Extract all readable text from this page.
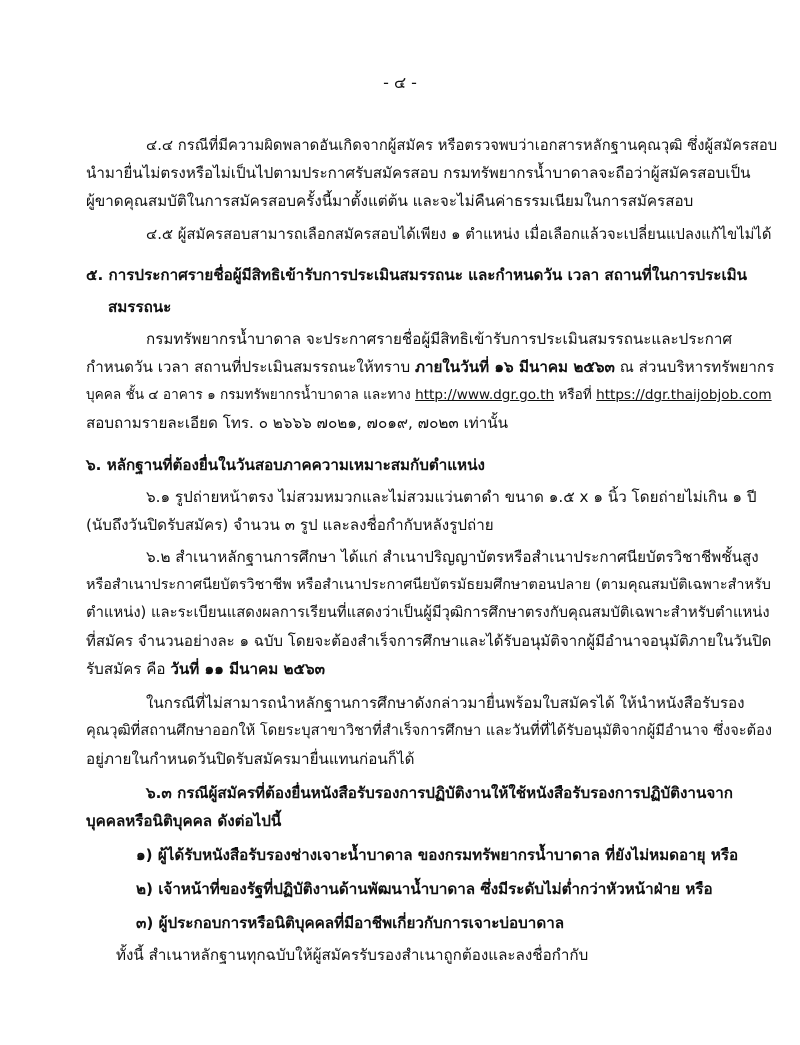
- ๔ -
๔.๔ กรณีที่มีความผิดพลาดอันเกิดจากผู้สมัคร หรือตรวจพบว่าเอกสารหลักฐานคุณวุฒิ ซึ่งผู้สมัครสอบ
นำมายื่นไม่ตรงหรือไม่เป็นไปตามประกาศรับสมัครสอบ กรมทรัพยากรน้ำบาดาลจะถือว่าผู้สมัครสอบเป็น
ผู้ขาดคุณสมบัติในการสมัครสอบครั้งนี้มาตั้งแต่ต้น และจะไม่คืนค่าธรรมเนียมในการสมัครสอบ
๔.๕ ผู้สมัครสอบสามารถเลือกสมัครสอบได้เพียง ๑ ตำแหน่ง เมื่อเลือกแล้วจะเปลี่ยนแปลงแก้ไขไม่ได้
๕. การประกาศรายชื่อผู้มีสิทธิเข้ารับการประเมินสมรรถนะ และกำหนดวัน เวลา สถานที่ในการประเมิน
สมรรถนะ
กรมทรัพยากรน้ำบาดาล จะประกาศรายชื่อผู้มีสิทธิเข้ารับการประเมินสมรรถนะและประกาศ
กำหนดวัน เวลา สถานที่ประเมินสมรรถนะให้ทราบ ภายในวันที่ ๑๖ มีนาคม ๒๕๖๓ ณ ส่วนบริหารทรัพยากร
บุคคล ชั้น ๔ อาคาร ๑ กรมทรัพยากรน้ำบาดาล และทาง http://www.dgr.go.th หรือที่ https://dgr.thaijobjob.com
สอบถามรายละเอียด โทร. ๐ ๒๖๖๖ ๗๐๒๑, ๗๐๑๙, ๗๐๒๓ เท่านั้น
๖. หลักฐานที่ต้องยื่นในวันสอบภาคความเหมาะสมกับตำแหน่ง
๖.๑ รูปถ่ายหน้าตรง ไม่สวมหมวกและไม่สวมแว่นตาดำ ขนาด ๑.๕ x ๑ นิ้ว โดยถ่ายไม่เกิน ๑ ปี
(นับถึงวันปิดรับสมัคร) จำนวน ๓ รูป และลงชื่อกำกับหลังรูปถ่าย
๖.๒ สำเนาหลักฐานการศึกษา ได้แก่ สำเนาปริญญาบัตรหรือสำเนาประกาศนียบัตรวิชาชีพชั้นสูง
หรือสำเนาประกาศนียบัตรวิชาชีพ หรือสำเนาประกาศนียบัตรมัธยมศึกษาตอนปลาย (ตามคุณสมบัติเฉพาะสำหรับ
ตำแหน่ง) และระเบียนแสดงผลการเรียนที่แสดงว่าเป็นผู้มีวุฒิการศึกษาตรงกับคุณสมบัติเฉพาะสำหรับตำแหน่ง
ที่สมัคร จำนวนอย่างละ ๑ ฉบับ โดยจะต้องสำเร็จการศึกษาและได้รับอนุมัติจากผู้มีอำนาจอนุมัติภายในวันปิด
รับสมัคร คือ วันที่ ๑๑ มีนาคม ๒๕๖๓
ในกรณีที่ไม่สามารถนำหลักฐานการศึกษาดังกล่าวมายื่นพร้อมใบสมัครได้ ให้นำหนังสือรับรอง
คุณวุฒิที่สถานศึกษาออกให้ โดยระบุสาขาวิชาที่สำเร็จการศึกษา และวันที่ที่ได้รับอนุมัติจากผู้มีอำนาจ ซึ่งจะต้อง
อยู่ภายในกำหนดวันปิดรับสมัครมายื่นแทนก่อนก็ได้
๖.๓ กรณีผู้สมัครที่ต้องยื่นหนังสือรับรองการปฏิบัติงานให้ใช้หนังสือรับรองการปฏิบัติงานจาก
บุคคลหรือนิติบุคคล ดังต่อไปนี้
๑) ผู้ได้รับหนังสือรับรองช่างเจาะน้ำบาดาล ของกรมทรัพยากรน้ำบาดาล ที่ยังไม่หมดอายุ หรือ
๒) เจ้าหน้าที่ของรัฐที่ปฏิบัติงานด้านพัฒนาน้ำบาดาล ซึ่งมีระดับไม่ต่ำกว่าหัวหน้าฝ่าย หรือ
๓) ผู้ประกอบการหรือนิติบุคคลที่มีอาชีพเกี่ยวกับการเจาะบ่อบาดาล
ทั้งนี้ สำเนาหลักฐานทุกฉบับให้ผู้สมัครรับรองสำเนาถูกต้องและลงชื่อกำกับ
